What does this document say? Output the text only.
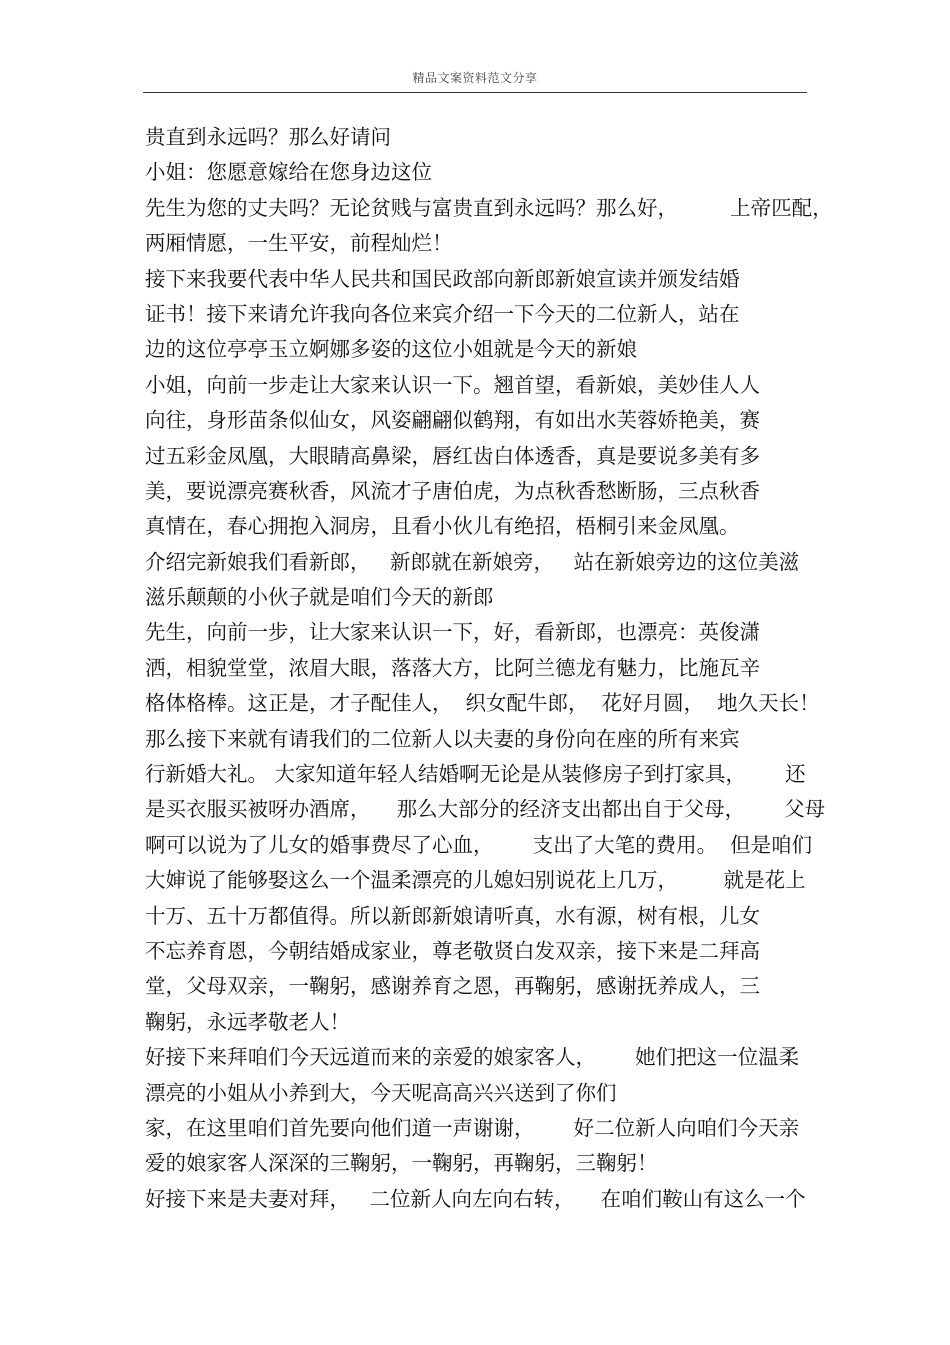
精品文案资料范文分享
贵直到永远吗？那么好请问
小姐：您愿意嫁给在您身边这位
先生为您的丈夫吗？无论贫贱与富贵直到永远吗？那么好，        上帝匹配，
两厢情愿，一生平安，前程灿烂！
接下来我要代表中华人民共和国民政部向新郎新娘宣读并颁发结婚
证书！接下来请允许我向各位来宾介绍一下今天的二位新人，站在
边的这位亭亭玉立婀娜多姿的这位小姐就是今天的新娘
小姐，向前一步走让大家来认识一下。翘首望，看新娘，美妙佳人人
向往，身形苗条似仙女，风姿翩翩似鹤翔，有如出水芙蓉娇艳美，赛
过五彩金凤凰，大眼睛高鼻梁，唇红齿白体透香，真是要说多美有多
美，要说漂亮赛秋香，风流才子唐伯虎，为点秋香愁断肠，三点秋香
真情在，春心拥抱入洞房，且看小伙儿有绝招，梧桐引来金凤凰。
介绍完新娘我们看新郎，   新郎就在新娘旁，   站在新娘旁边的这位美滋
滋乐颠颠的小伙子就是咱们今天的新郎
先生，向前一步，让大家来认识一下，好，看新郎，也漂亮：英俊潇
洒，相貌堂堂，浓眉大眼，落落大方，比阿兰德龙有魅力，比施瓦辛
格体格棒。这正是，才子配佳人，  织女配牛郎，  花好月圆，  地久天长！
那么接下来就有请我们的二位新人以夫妻的身份向在座的所有来宾
行新婚大礼。 大家知道年轻人结婚啊无论是从装修房子到打家具，      还
是买衣服买被呀办酒席，    那么大部分的经济支出都出自于父母，      父母
啊可以说为了儿女的婚事费尽了心血，      支出了大笔的费用。  但是咱们
大婶说了能够娶这么一个温柔漂亮的儿媳妇别说花上几万，       就是花上
十万、五十万都值得。所以新郎新娘请听真，水有源，树有根，儿女
不忘养育恩，今朝结婚成家业，尊老敬贤白发双亲，接下来是二拜高
堂，父母双亲，一鞠躬，感谢养育之恩，再鞠躬，感谢抚养成人，三
鞠躬，永远孝敬老人！
好接下来拜咱们今天远道而来的亲爱的娘家客人，      她们把这一位温柔
漂亮的小姐从小养到大，今天呢高高兴兴送到了你们
家，在这里咱们首先要向他们道一声谢谢，      好二位新人向咱们今天亲
爱的娘家客人深深的三鞠躬，一鞠躬，再鞠躬，三鞠躬！
好接下来是夫妻对拜，   二位新人向左向右转，    在咱们鞍山有这么一个
